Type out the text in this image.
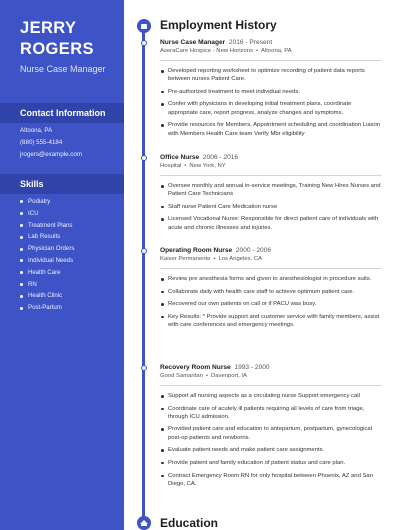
JERRY
ROGERS
Nurse Case Manager
Contact Information
Altoona, PA
(880) 555-4184
jrogers@example.com
Skills
Podiatry
ICU
Treatment Plans
Lab Results
Physician Orders
Individual Needs
Health Care
RN
Health Clinic
Post-Partum
Employment History
Nurse Case Manager 2016 - Present
AseraCare Hospice - New Horizons • Altoona, PA
Developed reporting worksheet to optimize recording of patient data reports between nurses Patient Care.
Pre-authorized treatment to meet individual needs.
Confer with physicians in developing initial treatment plans, coordinate appropriate care, report progress, analyze changes and symptoms.
Provide resources for Members, Appointment scheduling and coordination Liason with Members Health Care team Verify Mbr eligibility
Office Nurse 2006 - 2016
Hospital • New York, NY
Oversee monthly and annual in-service meetings, Training New Hires Nurses and Patient Care Technicians
Staff nurse Patient Care Medication nurse
Licensed Vocational Nurse: Responsible for direct patient care of individuals with acute and chronic illnesses and injuries.
Operating Room Nurse 2000 - 2006
Kaiser Permanente • Los Angeles, CA
Review pre anesthesia forms and given to anesthesiologist in procedure suits.
Collaborate daily with health care staff to achieve optimum patient care.
Recovered our own patients on call or if PACU was busy.
Key Results: * Provide support and customer service with family members, assist with care conferences and emergency meetings.
Recovery Room Nurse 1993 - 2000
Good Samaritan • Davenport, IA
Support all nursing aspects as a circulating nurse Support emergency call
Coordinate care of acutely ill patients requiring all levels of care from triage, through ICU admission.
Provided patient care and education to antepartum, postpartum, gynecological post-op patients and newborns.
Evaluate patient needs and make patient care assignments.
Provide patient and family education of patient status and care plan.
Contract Emergency Room RN for only hospital between Phoenix, AZ and San Diego, CA.
Education
